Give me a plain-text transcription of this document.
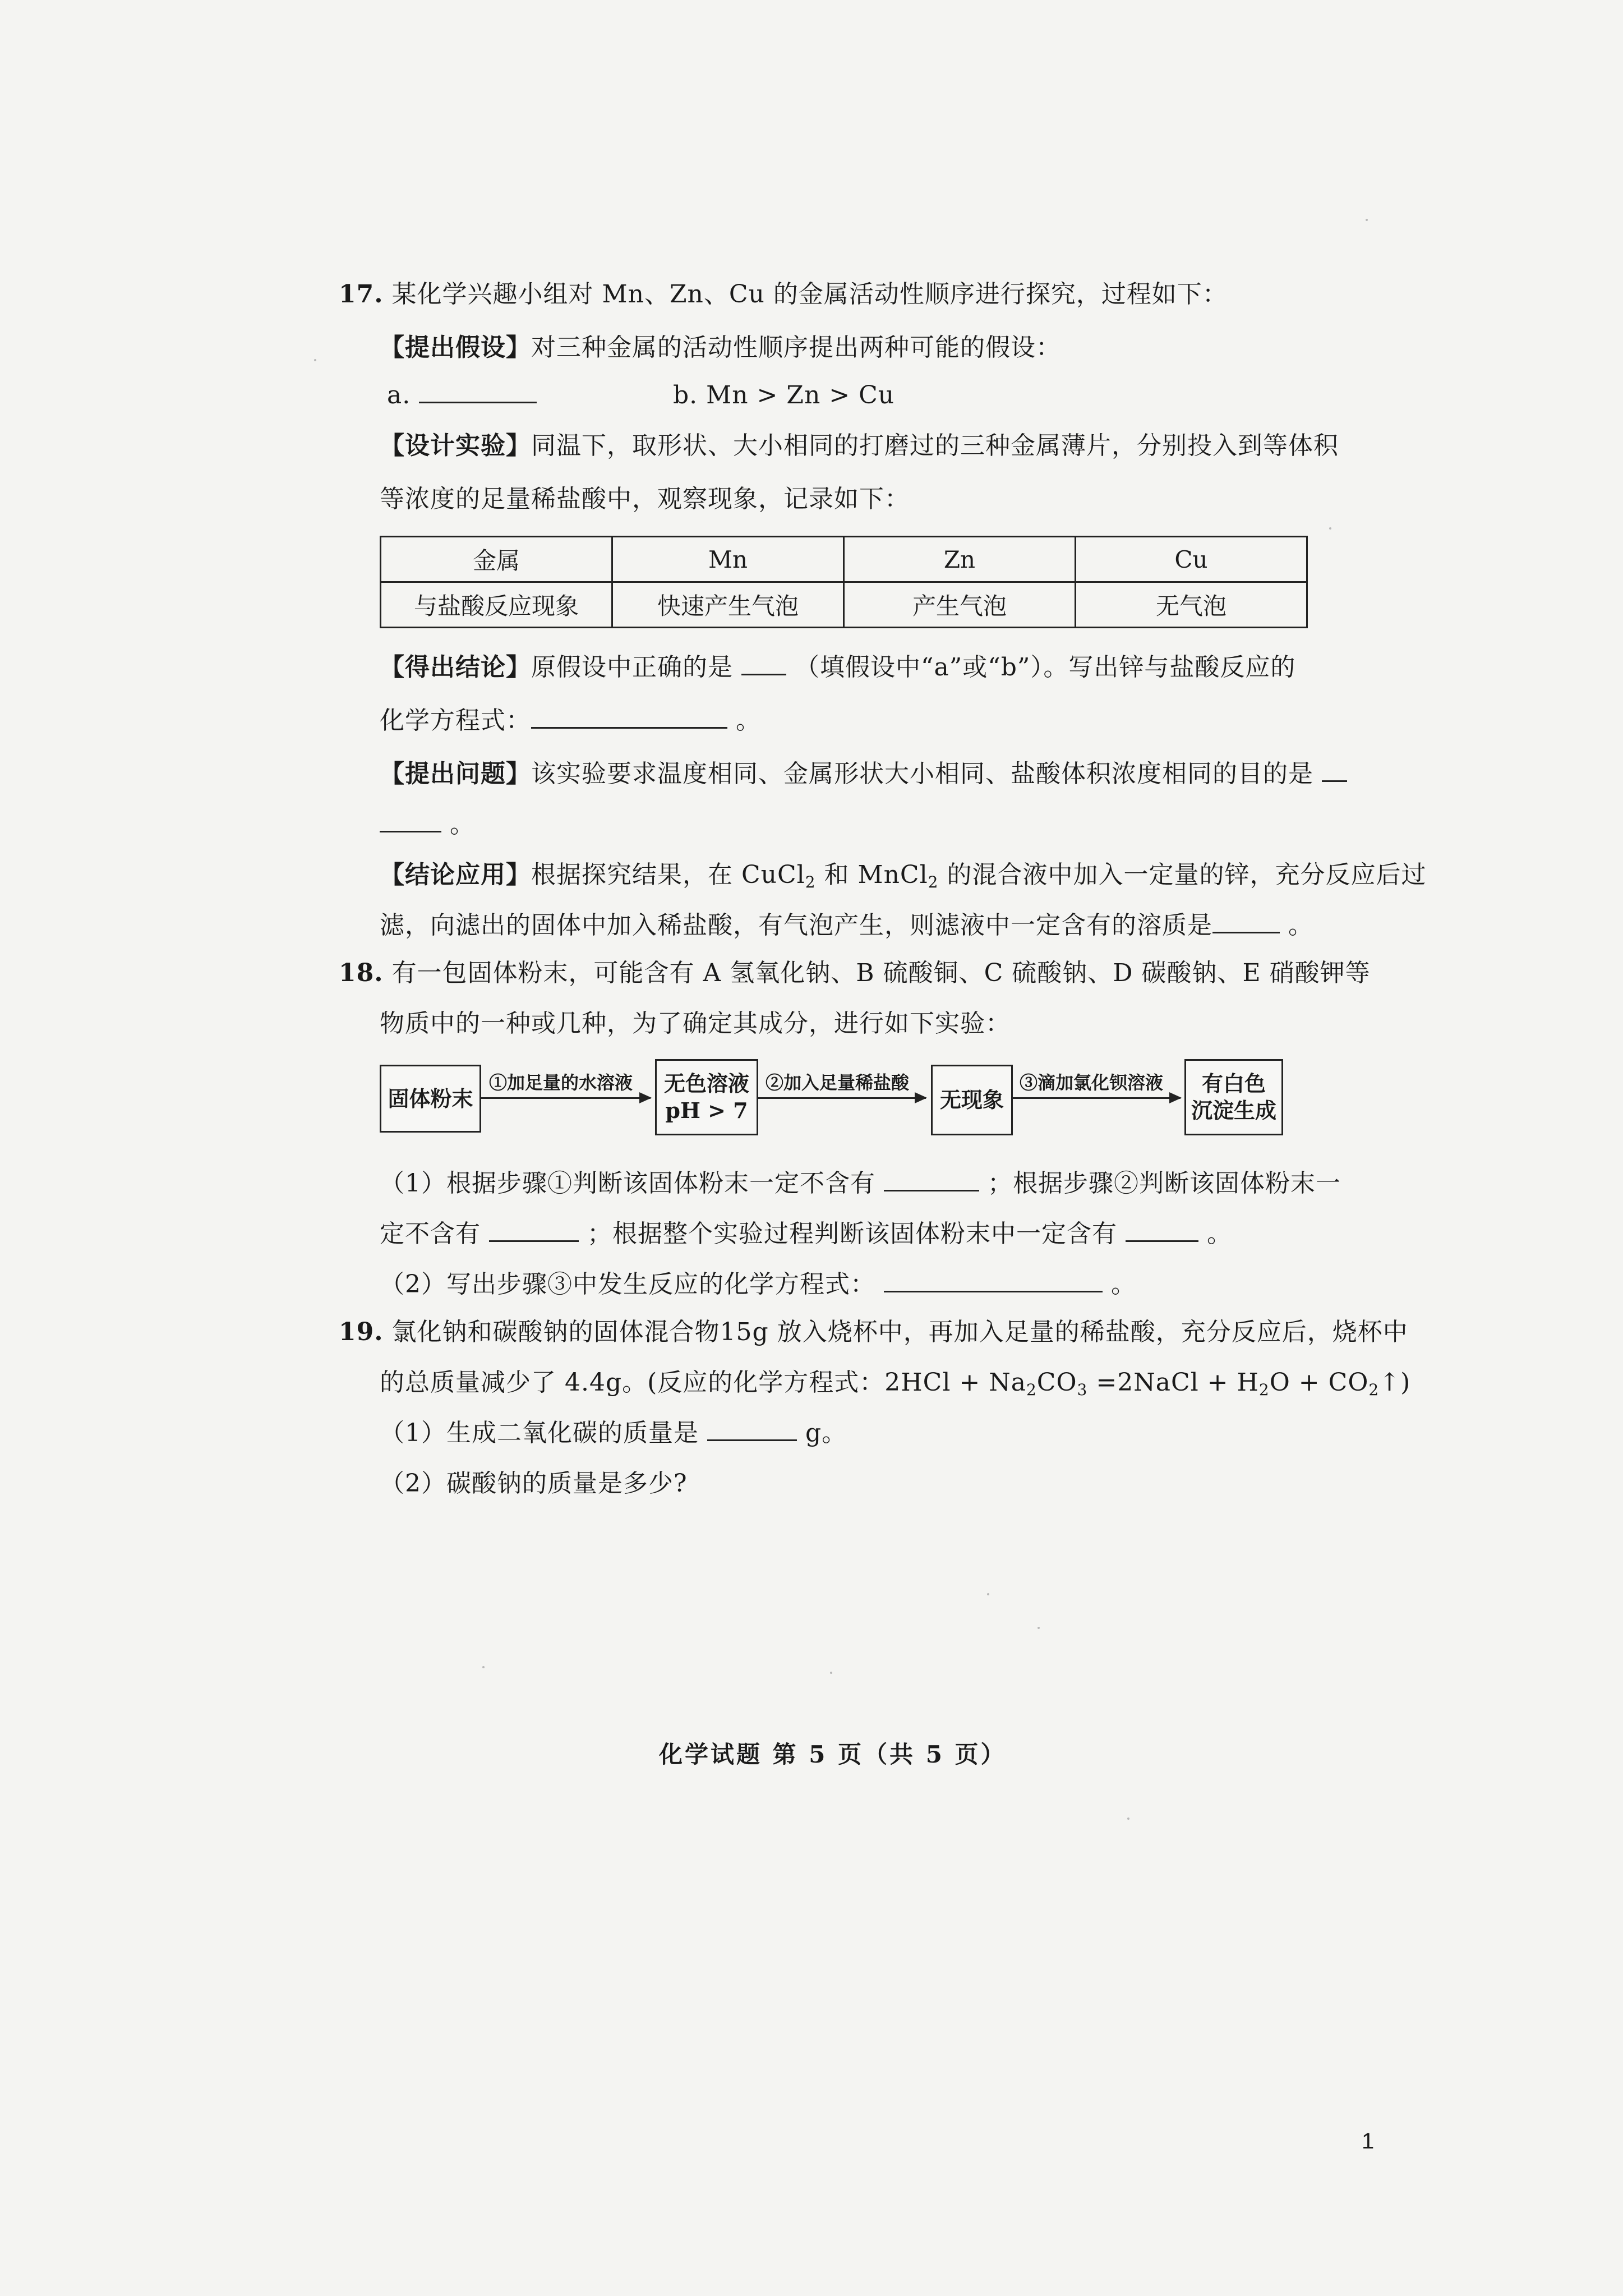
17. 某化学兴趣小组对 Mn、Zn、Cu 的金属活动性顺序进行探究，过程如下：
【提出假设】对三种金属的活动性顺序提出两种可能的假设：
a.	b. Mn > Zn > Cu
【设计实验】同温下，取形状、大小相同的打磨过的三种金属薄片，分别投入到等体积
等浓度的足量稀盐酸中，观察现象，记录如下：
金属	Mn	Zn	Cu
与盐酸反应现象	快速产生气泡	产生气泡	无气泡
【得出结论】原假设中正确的是	（填假设中“a”或“b”）。写出锌与盐酸反应的
化学方程式：	。
【提出问题】该实验要求温度相同、金属形状大小相同、盐酸体积浓度相同的目的是
。
【结论应用】根据探究结果，在 CuCl$_2$ 和 MnCl$_2$ 的混合液中加入一定量的锌，充分反应后过
滤，向滤出的固体中加入稀盐酸，有气泡产生，则滤液中一定含有的溶质是	。
18. 有一包固体粉末，可能含有 A 氢氧化钠、B 硫酸铜、C 硫酸钠、D 碳酸钠、E 硝酸钾等
物质中的一种或几种，为了确定其成分，进行如下实验：
固体粉末
①加足量的水溶液 无色溶液
pH > 7
②加入足量稀盐酸
无现象
③滴加氯化钡溶液 有白色
沉淀生成
（1）根据步骤①判断该固体粉末一定不含有	；根据步骤②判断该固体粉末一
定不含有	；根据整个实验过程判断该固体粉末中一定含有	。
（2）写出步骤③中发生反应的化学方程式：	。
19. 氯化钠和碳酸钠的固体混合物15g 放入烧杯中，再加入足量的稀盐酸，充分反应后，烧杯中
的总质量减少了 4.4g。(反应的化学方程式：$2HCl + Na_2CO_3$ =2NaCl + $H_2O$ + $CO_2↑$)
（1）生成二氧化碳的质量是	g。
（2）碳酸钠的质量是多少?
化学试题 第 5 页（共 5 页）
1
